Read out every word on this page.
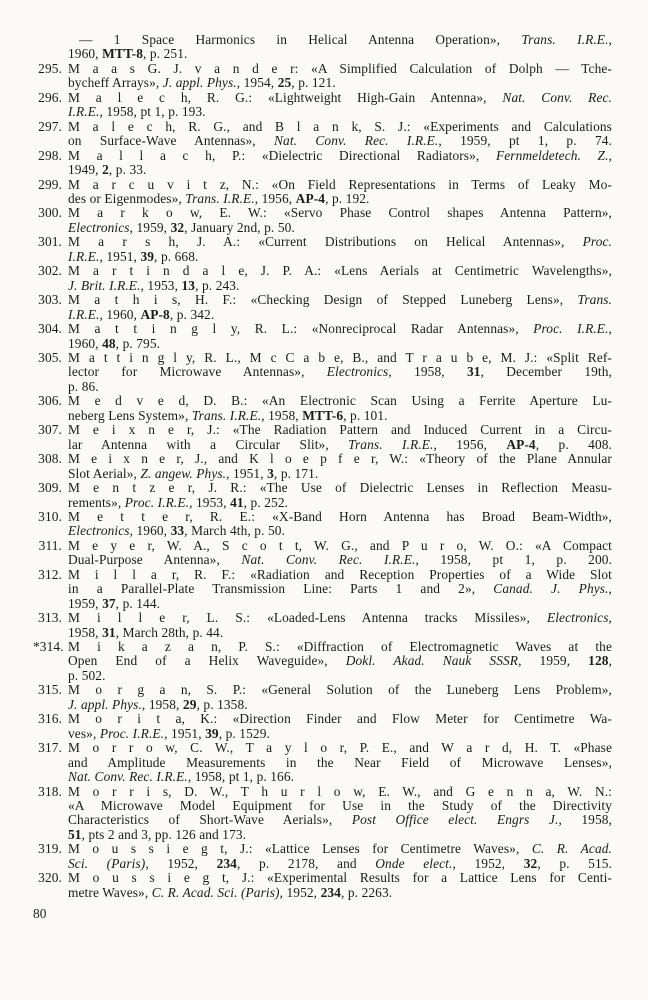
— 1 Space Harmonics in Helical Antenna Operation», Trans. I.R.E.,
1960, MTT-8, p. 251.
295. M a a s G. J. v a n d e r: «A Simplified Calculation of Dolph — Tche-
bycheff Arrays», J. appl. Phys., 1954, 25, p. 121.
296. M a l e c h, R. G.: «Lightweight High-Gain Antenna», Nat. Conv. Rec.
I.R.E., 1958, pt 1, p. 193.
297. M a l e c h, R. G., and B l a n k, S. J.: «Experiments and Calculations
on Surface-Wave Antennas», Nat. Conv. Rec. I.R.E., 1959, pt 1, p. 74.
298. M a l l a c h, P.: «Dielectric Directional Radiators», Fernmeldetech. Z.,
1949, 2, p. 33.
299. M a r c u v i t z, N.: «On Field Representations in Terms of Leaky Mo-
des or Eigenmodes», Trans. I.R.E., 1956, AP-4, p. 192.
300. M a r k o w, E. W.: «Servo Phase Control shapes Antenna Pattern»,
Electronics, 1959, 32, January 2nd, p. 50.
301. M a r s h, J. A.: «Current Distributions on Helical Antennas», Proc.
I.R.E., 1951, 39, p. 668.
302. M a r t i n d a l e, J. P. A.: «Lens Aerials at Centimetric Wavelengths»,
J. Brit. I.R.E., 1953, 13, p. 243.
303. M a t h i s, H. F.: «Checking Design of Stepped Luneberg Lens», Trans.
I.R.E., 1960, AP-8, p. 342.
304. M a t t i n g l y, R. L.: «Nonreciprocal Radar Antennas», Proc. I.R.E.,
1960, 48, p. 795.
305. M a t t i n g l y, R. L., M c C a b e, B., and T r a u b e, M. J.: «Split Ref-
lector for Microwave Antennas», Electronics, 1958, 31, December 19th,
p. 86.
306. M e d v e d, D. B.: «An Electronic Scan Using a Ferrite Aperture Lu-
neberg Lens System», Trans. I.R.E., 1958, MTT-6, p. 101.
307. M e i x n e r, J.: «The Radiation Pattern and Induced Current in a Circu-
lar Antenna with a Circular Slit», Trans. I.R.E., 1956, AP-4, p. 408.
308. M e i x n e r, J., and K l o e p f e r, W.: «Theory of the Plane Annular
Slot Aerial», Z. angew. Phys., 1951, 3, p. 171.
309. M e n t z e r, J. R.: «The Use of Dielectric Lenses in Reflection Measu-
rements», Proc. I.R.E., 1953, 41, p. 252.
310. M e t t e r, R. E.: «X-Band Horn Antenna has Broad Beam-Width»,
Electronics, 1960, 33, March 4th, p. 50.
311. M e y e r, W. A., S c o t t, W. G., and P u r o, W. O.: «A Compact
Dual-Purpose Antenna», Nat. Conv. Rec. I.R.E., 1958, pt 1, p. 200.
312. M i l l a r, R. F.: «Radiation and Reception Properties of a Wide Slot
in a Parallel-Plate Transmission Line: Parts 1 and 2», Canad. J. Phys.,
1959, 37, p. 144.
313. M i l l e r, L. S.: «Loaded-Lens Antenna tracks Missiles», Electronics,
1958, 31, March 28th, p. 44.
*314. M i k a z a n, P. S.: «Diffraction of Electromagnetic Waves at the
Open End of a Helix Waveguide», Dokl. Akad. Nauk SSSR, 1959, 128,
p. 502.
315. M o r g a n, S. P.: «General Solution of the Luneberg Lens Problem»,
J. appl. Phys., 1958, 29, p. 1358.
316. M o r i t a, K.: «Direction Finder and Flow Meter for Centimetre Wa-
ves», Proc. I.R.E., 1951, 39, p. 1529.
317. M o r r o w, C. W., T a y l o r, P. E., and W a r d, H. T. «Phase
and Amplitude Measurements in the Near Field of Microwave Lenses»,
Nat. Conv. Rec. I.R.E., 1958, pt 1, p. 166.
318. M o r r i s, D. W., T h u r l o w, E. W., and G e n n a, W. N.:
«A Microwave Model Equipment for Use in the Study of the Directivity
Characteristics of Short-Wave Aerials», Post Office elect. Engrs J., 1958,
51, pts 2 and 3, pp. 126 and 173.
319. M o u s s i e g t, J.: «Lattice Lenses for Centimetre Waves», C. R. Acad.
Sci. (Paris), 1952, 234, p. 2178, and Onde elect., 1952, 32, p. 515.
320. M o u s s i e g t, J.: «Experimental Results for a Lattice Lens for Centi-
metre Waves», C. R. Acad. Sci. (Paris), 1952, 234, p. 2263.
80
